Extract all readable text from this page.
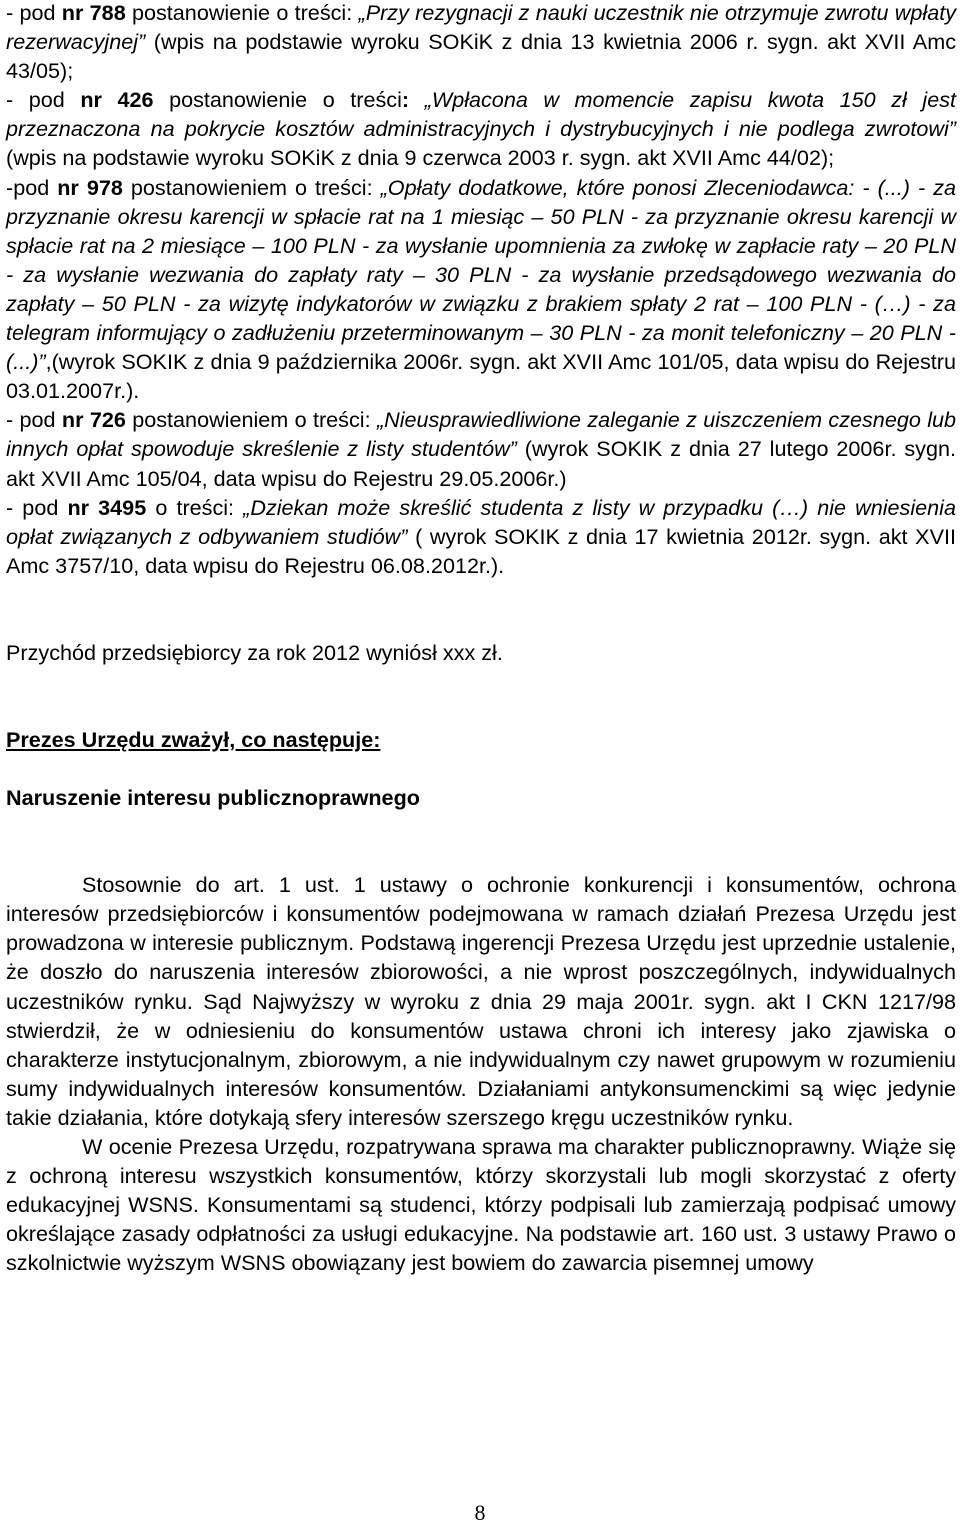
- pod nr 788 postanowienie o treści: „Przy rezygnacji z nauki uczestnik nie otrzymuje zwrotu wpłaty rezerwacyjnej” (wpis na podstawie wyroku SOKiK z dnia 13 kwietnia 2006 r. sygn. akt XVII Amc 43/05);

- pod nr 426 postanowienie o treści: „Wpłacona w momencie zapisu kwota 150 zł jest przeznaczona na pokrycie kosztów administracyjnych i dystrybucyjnych i nie podlega zwrotowi” (wpis na podstawie wyroku SOKiK z dnia 9 czerwca 2003 r. sygn. akt XVII Amc 44/02);

-pod nr 978 postanowieniem o treści: „Opłaty dodatkowe, które ponosi Zleceniodawca: - (...) - za przyznanie okresu karencji w spłacie rat na 1 miesiąc – 50 PLN - za przyznanie okresu karencji w spłacie rat na 2 miesiące – 100 PLN - za wysłanie upomnienia za zwłokę w zapłacie raty – 20 PLN - za wysłanie wezwania do zapłaty raty – 30 PLN - za wysłanie przedsądowego wezwania do zapłaty – 50 PLN - za wizytę indykatorów w związku z brakiem spłaty 2 rat – 100 PLN - (…) - za telegram informujący o zadłużeniu przeterminowanym – 30 PLN - za monit telefoniczny – 20 PLN - (...)”,(wyrok SOKIK z dnia 9 października 2006r. sygn. akt XVII Amc 101/05, data wpisu do Rejestru 03.01.2007r.).

- pod nr 726 postanowieniem o treści: „Nieusprawiedliwione zaleganie z uiszczeniem czesnego lub innych opłat spowoduje skreślenie z listy studentów” (wyrok SOKIK z dnia 27 lutego 2006r. sygn. akt XVII Amc 105/04, data wpisu do Rejestru 29.05.2006r.)

- pod nr 3495 o treści: „Dziekan może skreślić studenta z listy w przypadku (…) nie wniesienia opłat związanych z odbywaniem studiów” ( wyrok SOKIK z dnia 17 kwietnia 2012r. sygn. akt XVII Amc 3757/10, data wpisu do Rejestru 06.08.2012r.).

Przychód przedsiębiorcy za rok 2012 wyniósł xxx zł.

Prezes Urzędu zważył, co następuje:

Naruszenie interesu publicznoprawnego

Stosownie do art. 1 ust. 1 ustawy o ochronie konkurencji i konsumentów, ochrona interesów przedsiębiorców i konsumentów podejmowana w ramach działań Prezesa Urzędu jest prowadzona w interesie publicznym. Podstawą ingerencji Prezesa Urzędu jest uprzednie ustalenie, że doszło do naruszenia interesów zbiorowości, a nie wprost poszczególnych, indywidualnych uczestników rynku. Sąd Najwyższy w wyroku z dnia 29 maja 2001r. sygn. akt I CKN 1217/98 stwierdził, że w odniesieniu do konsumentów ustawa chroni ich interesy jako zjawiska o charakterze instytucjonalnym, zbiorowym, a nie indywidualnym czy nawet grupowym w rozumieniu sumy indywidualnych interesów konsumentów. Działaniami antykonsumenckimi są więc jedynie takie działania, które dotykają sfery interesów szerszego kręgu uczestników rynku.

W ocenie Prezesa Urzędu, rozpatrywana sprawa ma charakter publicznoprawny. Wiąże się z ochroną interesu wszystkich konsumentów, którzy skorzystali lub mogli skorzystać z oferty edukacyjnej WSNS. Konsumentami są studenci, którzy podpisali lub zamierzają podpisać umowy określające zasady odpłatności za usługi edukacyjne. Na podstawie art. 160 ust. 3 ustawy Prawo o szkolnictwie wyższym WSNS obowiązany jest bowiem do zawarcia pisemnej umowy

8
